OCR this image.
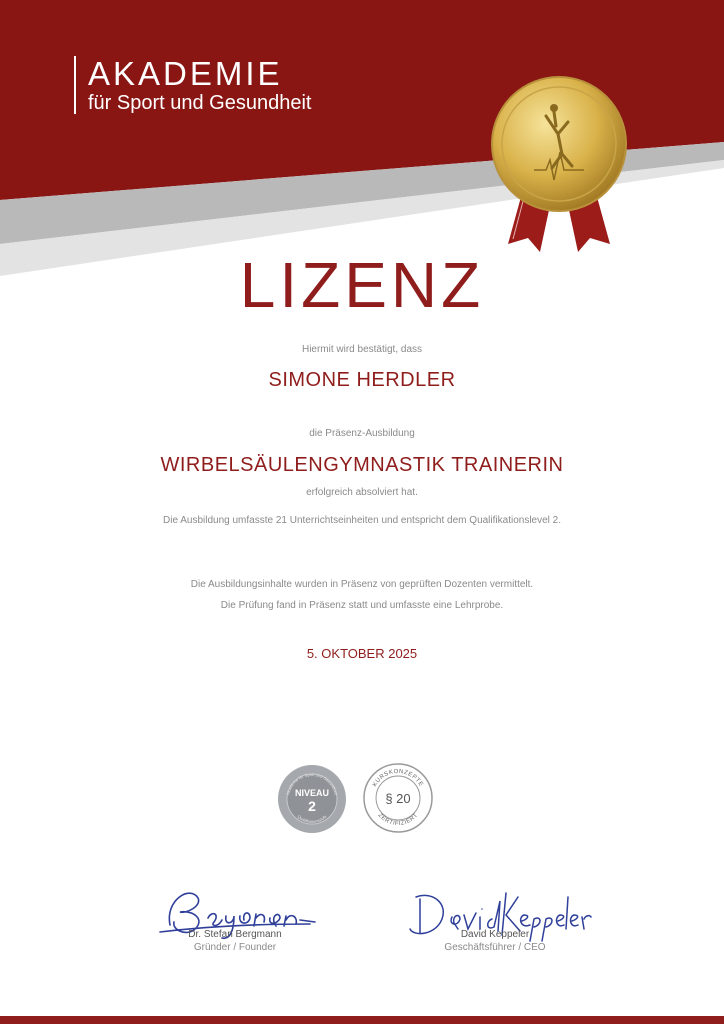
AKADEMIE
für Sport und Gesundheit
LIZENZ
Hiermit wird bestätigt, dass
SIMONE HERDLER
die Präsenz-Ausbildung
WIRBELSÄULENGYMNASTIK TRAINERIN
erfolgreich absolviert hat.
Die Ausbildung umfasste 21 Unterrichtseinheiten und entspricht dem Qualifikationslevel 2.
Die Ausbildungsinhalte wurden in Präsenz von geprüften Dozenten vermittelt.
Die Prüfung fand in Präsenz statt und umfasste eine Lehrprobe.
5. OKTOBER 2025
Akademie für Sport und Gesundheit
Qualifikationsstufe
NIVEAU
2
KURSKONZEPTE
ZERTIFIZIERT
§ 20
Dr. Stefan Bergmann
Gründer / Founder
David Keppeler
Geschäftsführer / CEO
